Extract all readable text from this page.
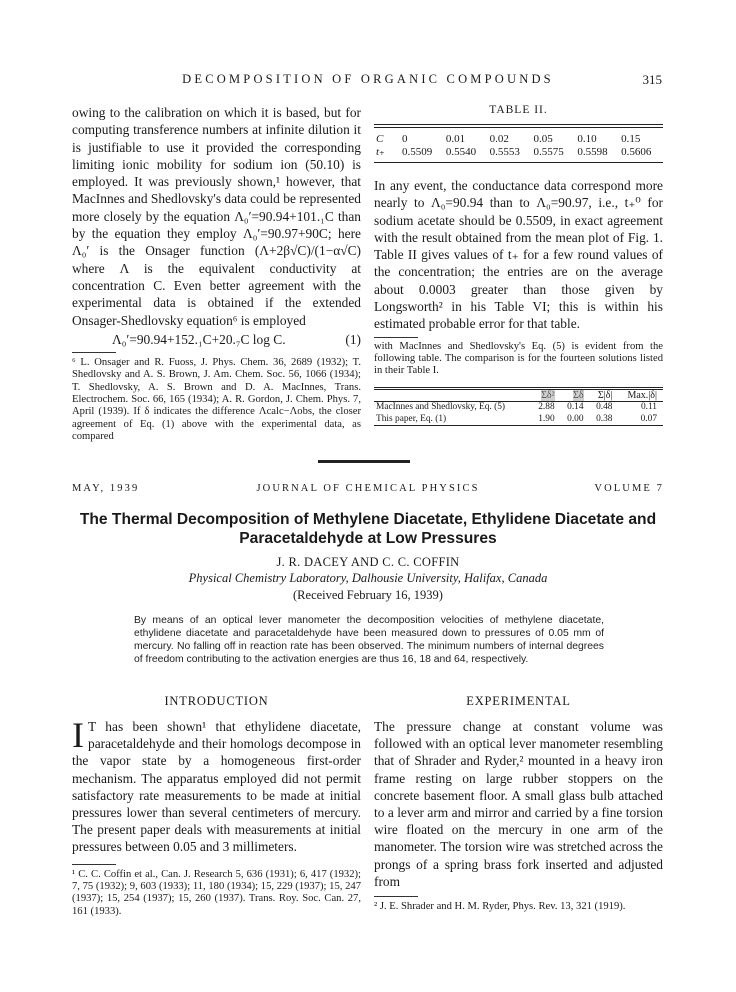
DECOMPOSITION OF ORGANIC COMPOUNDS	315

owing to the calibration on which it is based, but for computing transference numbers at infinite dilution it is justifiable to use it provided the corresponding limiting ionic mobility for sodium ion (50.10) is employed. It was previously shown,¹ however, that MacInnes and Shedlovsky's data could be represented more closely by the equation Λ₀′=90.94+101.₁C than by the equation they employ Λ₀′=90.97+90C; here Λ₀′ is the Onsager function (Λ+2β√C)/(1−α√C) where Λ is the equivalent conductivity at concentration C. Even better agreement with the experimental data is obtained if the extended Onsager-Shedlovsky equation⁶ is employed

Λ₀′=90.94+152.₁C+20.₇C log C.	(1)

⁶ L. Onsager and R. Fuoss, J. Phys. Chem. 36, 2689 (1932); T. Shedlovsky and A. S. Brown, J. Am. Chem. Soc. 56, 1066 (1934); T. Shedlovsky, A. S. Brown and D. A. MacInnes, Trans. Electrochem. Soc. 66, 165 (1934); A. R. Gordon, J. Chem. Phys. 7, April (1939). If δ indicates the difference Λcalc−Λobs, the closer agreement of Eq. (1) above with the experimental data, as compared

TABLE II.

C	0	0.01	0.02	0.05	0.10	0.15
t₊	0.5509	0.5540	0.5553	0.5575	0.5598	0.5606

In any event, the conductance data correspond more nearly to Λ₀=90.94 than to Λ₀=90.97, i.e., t₊⁰ for sodium acetate should be 0.5509, in exact agreement with the result obtained from the mean plot of Fig. 1. Table II gives values of t₊ for a few round values of the concentration; the entries are on the average about 0.0003 greater than those given by Longsworth² in his Table VI; this is within his estimated probable error for that table.

with MacInnes and Shedlovsky's Eq. (5) is evident from the following table. The comparison is for the fourteen solutions listed in their Table I.

	Σδ²	Σδ	Σ|δ|	Max.|δ|

MacInnes and Shedlovsky, Eq. (5)	2.88	0.14	0.48	0.11
This paper, Eq. (1)	1.90	0.00	0.38	0.07

MAY, 1939	JOURNAL OF CHEMICAL PHYSICS	VOLUME 7
The Thermal Decomposition of Methylene Diacetate, Ethylidene Diacetate and
Paracetaldehyde at Low Pressures
J. R. DACEY AND C. C. COFFIN
Physical Chemistry Laboratory, Dalhousie University, Halifax, Canada
(Received February 16, 1939)
By means of an optical lever manometer the decomposition velocities of methylene diacetate, ethylidene diacetate and paracetaldehyde have been measured down to pressures of 0.05 mm of mercury. No falling off in reaction rate has been observed. The minimum numbers of internal degrees of freedom contributing to the activation energies are thus 16, 18 and 64, respectively.

INTRODUCTION

I T has been shown¹ that ethylidene diacetate, paracetaldehyde and their homologs decompose in the vapor state by a homogeneous first-order mechanism. The apparatus employed did not permit satisfactory rate measurements to be made at initial pressures lower than several centimeters of mercury. The present paper deals with measurements at initial pressures between 0.05 and 3 millimeters.

¹ C. C. Coffin et al., Can. J. Research 5, 636 (1931); 6, 417 (1932); 7, 75 (1932); 9, 603 (1933); 11, 180 (1934); 15, 229 (1937); 15, 247 (1937); 15, 254 (1937); 15, 260 (1937). Trans. Roy. Soc. Can. 27, 161 (1933).

EXPERIMENTAL

The pressure change at constant volume was followed with an optical lever manometer resembling that of Shrader and Ryder,² mounted in a heavy iron frame resting on large rubber stoppers on the concrete basement floor. A small glass bulb attached to a lever arm and mirror and carried by a fine torsion wire floated on the mercury in one arm of the manometer. The torsion wire was stretched across the prongs of a spring brass fork inserted and adjusted from

² J. E. Shrader and H. M. Ryder, Phys. Rev. 13, 321 (1919).
